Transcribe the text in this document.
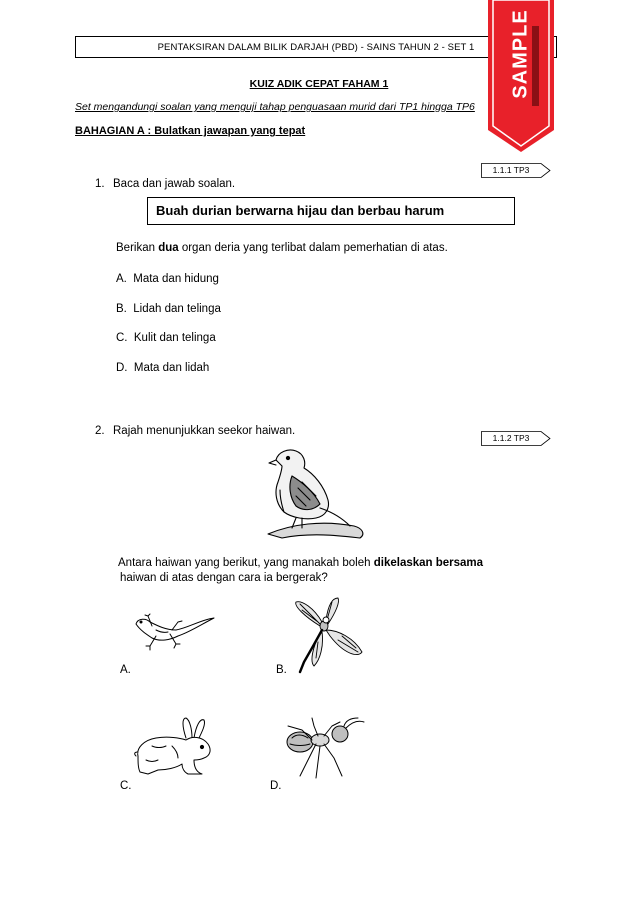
PENTAKSIRAN DALAM BILIK DARJAH (PBD) - SAINS TAHUN 2 - SET 1	SAMPLE
KUIZ ADIK CEPAT FAHAM 1
Set mengandungi soalan yang menguji tahap penguasaan murid dari TP1 hingga TP6
BAHAGIAN A : Bulatkan jawapan yang tepat
1.1.1 TP3
1. Baca dan jawab soalan.
Buah durian berwarna hijau dan berbau harum
Berikan dua organ deria yang terlibat dalam pemerhatian di atas.
A. Mata dan hidung
B. Lidah dan telinga
C. Kulit dan telinga
D. Mata dan lidah
2. Rajah menunjukkan seekor haiwan.
1.1.2 TP3
Antara haiwan yang berikut, yang manakah boleh dikelaskan bersama
haiwan di atas dengan cara ia bergerak?
A.	B.
C.	D.
